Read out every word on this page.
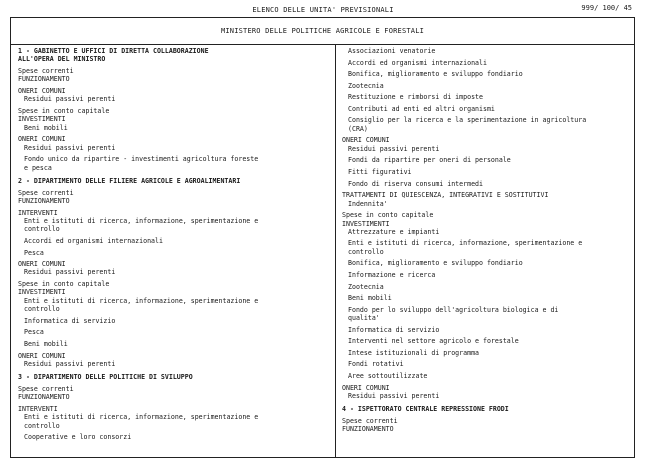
ELENCO DELLE UNITA' PREVISIONALI	999/ 100/ 45
MINISTERO DELLE POLITICHE AGRICOLE E FORESTALI
1 - GABINETTO E UFFICI DI DIRETTA COLLABORAZIONE
ALL'OPERA DEL MINISTRO
Spese correnti
FUNZIONAMENTO
ONERI COMUNI
Residui passivi perenti
Spese in conto capitale
INVESTIMENTI
Beni mobili
ONERI COMUNI
Residui passivi perenti
Fondo unico da ripartire - investimenti agricoltura foreste
e pesca
2 - DIPARTIMENTO DELLE FILIERE AGRICOLE E AGROALIMENTARI
Spese correnti
FUNZIONAMENTO
INTERVENTI
Enti e istituti di ricerca, informazione, sperimentazione e
controllo
Accordi ed organismi internazionali
Pesca
ONERI COMUNI
Residui passivi perenti
Spese in conto capitale
INVESTIMENTI
Enti e istituti di ricerca, informazione, sperimentazione e
controllo
Informatica di servizio
Pesca
Beni mobili
ONERI COMUNI
Residui passivi perenti
3 - DIPARTIMENTO DELLE POLITICHE DI SVILUPPO
Spese correnti
FUNZIONAMENTO
INTERVENTI
Enti e istituti di ricerca, informazione, sperimentazione e
controllo
Cooperative e loro consorzi
Associazioni venatorie
Accordi ed organismi internazionali
Bonifica, miglioramento e sviluppo fondiario
Zootecnia
Restituzione e rimborsi di imposte
Contributi ad enti ed altri organismi
Consiglio per la ricerca e la sperimentazione in agricoltura
(CRA)
ONERI COMUNI
Residui passivi perenti
Fondi da ripartire per oneri di personale
Fitti figurativi
Fondo di riserva consumi intermedi
TRATTAMENTI DI QUIESCENZA, INTEGRATIVI E SOSTITUTIVI
Indennita'
Spese in conto capitale
INVESTIMENTI
Attrezzature e impianti
Enti e istituti di ricerca, informazione, sperimentazione e
controllo
Bonifica, miglioramento e sviluppo fondiario
Informazione e ricerca
Zootecnia
Beni mobili
Fondo per lo sviluppo dell'agricoltura biologica e di
qualita'
Informatica di servizio
Interventi nel settore agricolo e forestale
Intese istituzionali di programma
Fondi rotativi
Aree sottoutilizzate
ONERI COMUNI
Residui passivi perenti
4 - ISPETTORATO CENTRALE REPRESSIONE FRODI
Spese correnti
FUNZIONAMENTO
